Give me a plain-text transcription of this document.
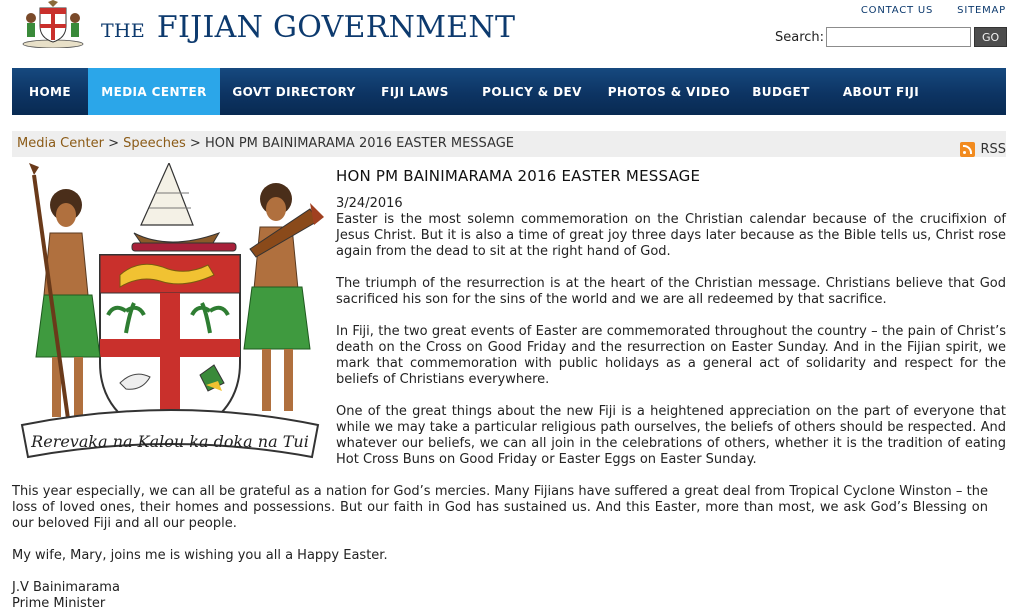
THE FIJIAN GOVERNMENT	CONTACT US SITEMAP
Search:	GO
HOME	MEDIA CENTER	GOVT DIRECTORY	FIJI LAWS	POLICY & DEV	PHOTOS & VIDEO	BUDGET	ABOUT FIJI
Media Center > Speeches > HON PM BAINIMARAMA 2016 EASTER MESSAGE	RSS
Rerevaka na Kalou ka doka na Tui
HON PM BAINIMARAMA 2016 EASTER MESSAGE
3/24/2016

Easter is the most solemn commemoration on the Christian calendar because of the crucifixion of Jesus Christ. But it is also a time of great joy three days later because as the Bible tells us, Christ rose again from the dead to sit at the right hand of God.

The triumph of the resurrection is at the heart of the Christian message. Christians believe that God sacrificed his son for the sins of the world and we are all redeemed by that sacrifice.

In Fiji, the two great events of Easter are commemorated throughout the country – the pain of Christ’s death on the Cross on Good Friday and the resurrection on Easter Sunday. And in the Fijian spirit, we mark that commemoration with public holidays as a general act of solidarity and respect for the beliefs of Christians everywhere.

One of the great things about the new Fiji is a heightened appreciation on the part of everyone that while we may take a particular religious path ourselves, the beliefs of others should be respected. And whatever our beliefs, we can all join in the celebrations of others, whether it is the tradition of eating Hot Cross Buns on Good Friday or Easter Eggs on Easter Sunday.

This year especially, we can all be grateful as a nation for God’s mercies. Many Fijians have suffered a great deal from Tropical Cyclone Winston – the loss of loved ones, their homes and possessions. But our faith in God has sustained us. And this Easter, more than most, we ask God’s Blessing on our beloved Fiji and all our people.

My wife, Mary, joins me is wishing you all a Happy Easter.

J.V Bainimarama

Prime Minister
